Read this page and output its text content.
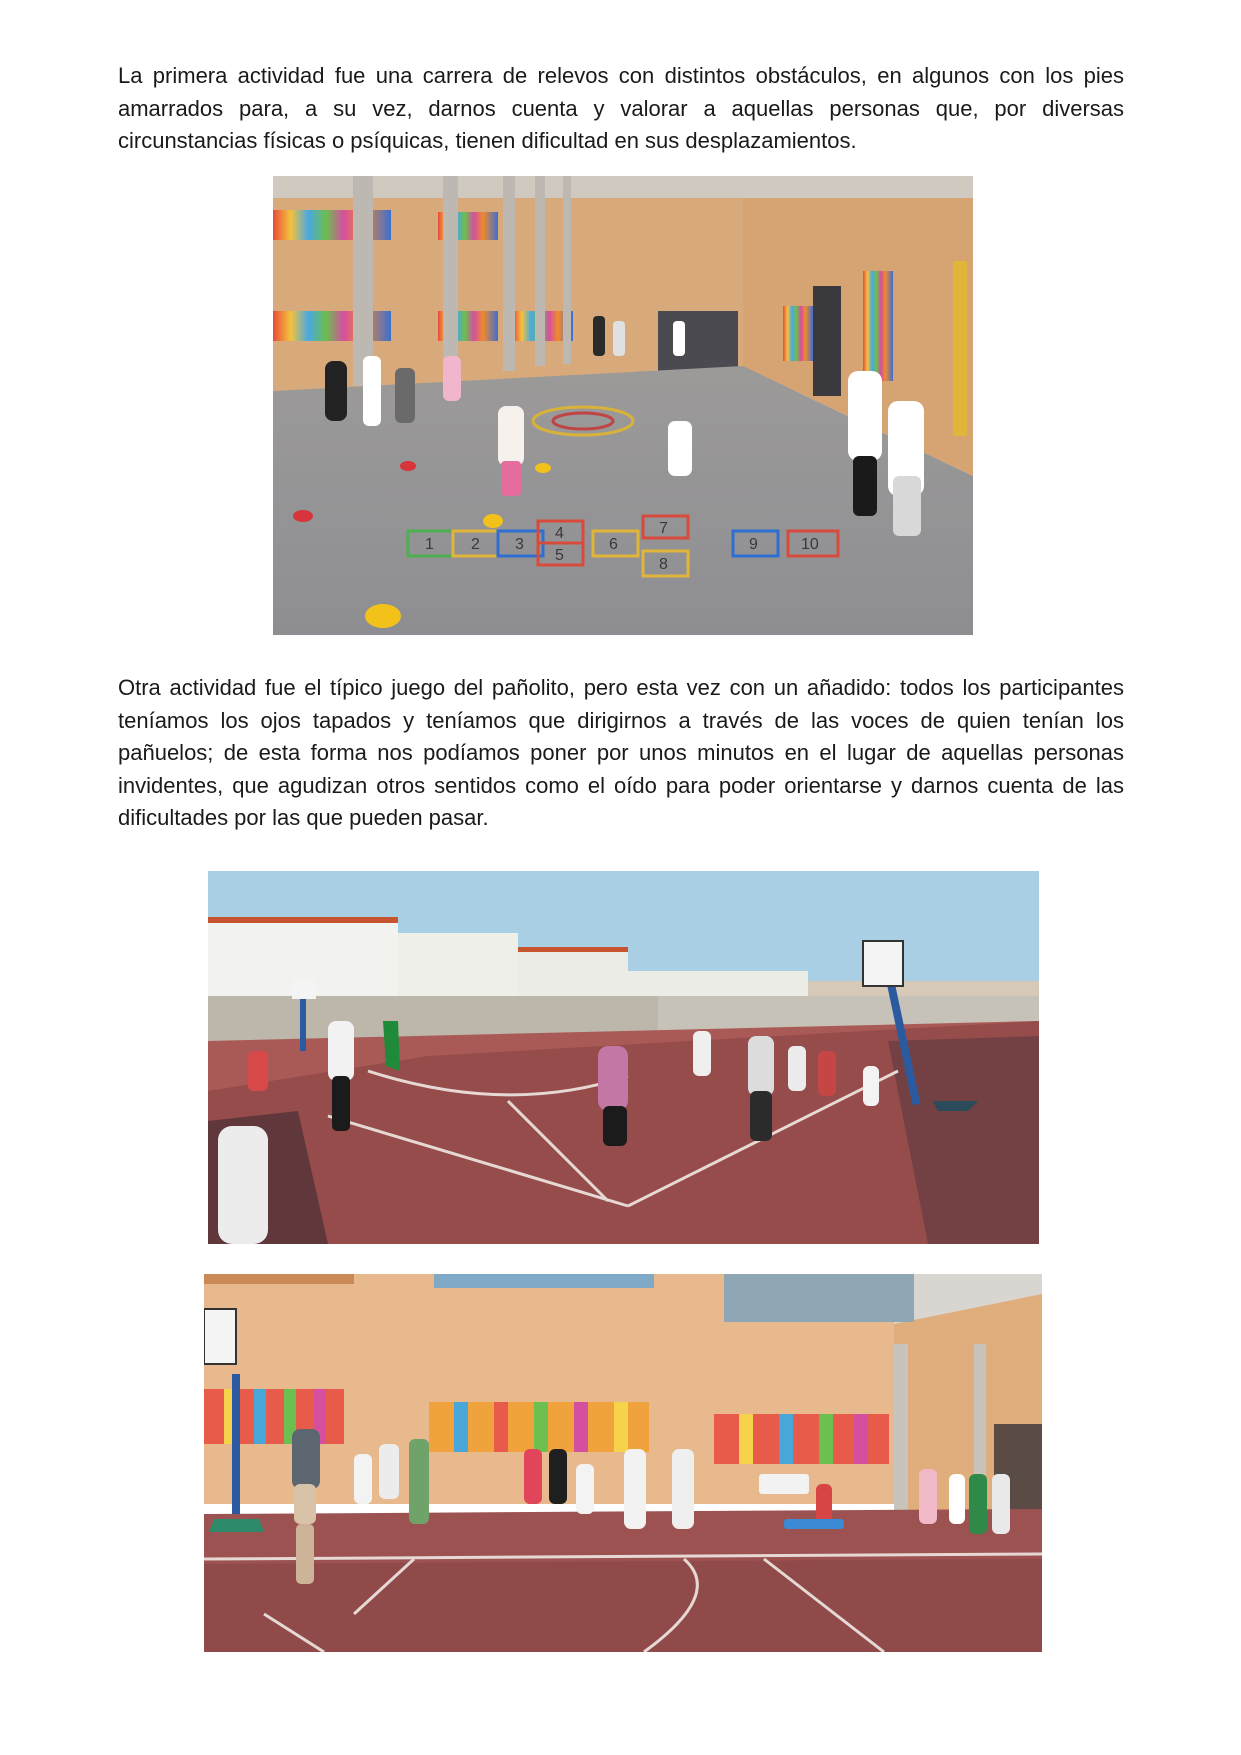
La primera actividad fue una carrera de relevos con distintos obstáculos, en algunos con los pies amarrados para, a su vez, darnos cuenta y valorar a aquellas personas que, por diversas circunstancias físicas o psíquicas, tienen dificultad en sus desplazamientos.

1 2 3
4
5
6
7
8
9	10

Otra actividad fue el típico juego del pañolito, pero esta vez con un añadido: todos los participantes teníamos los ojos tapados y teníamos que dirigirnos a través de las voces de quien tenían los pañuelos; de esta forma nos podíamos poner por unos minutos en el lugar de aquellas personas invidentes, que agudizan otros sentidos como el oído para poder orientarse y darnos cuenta de las dificultades por las que pueden pasar.
